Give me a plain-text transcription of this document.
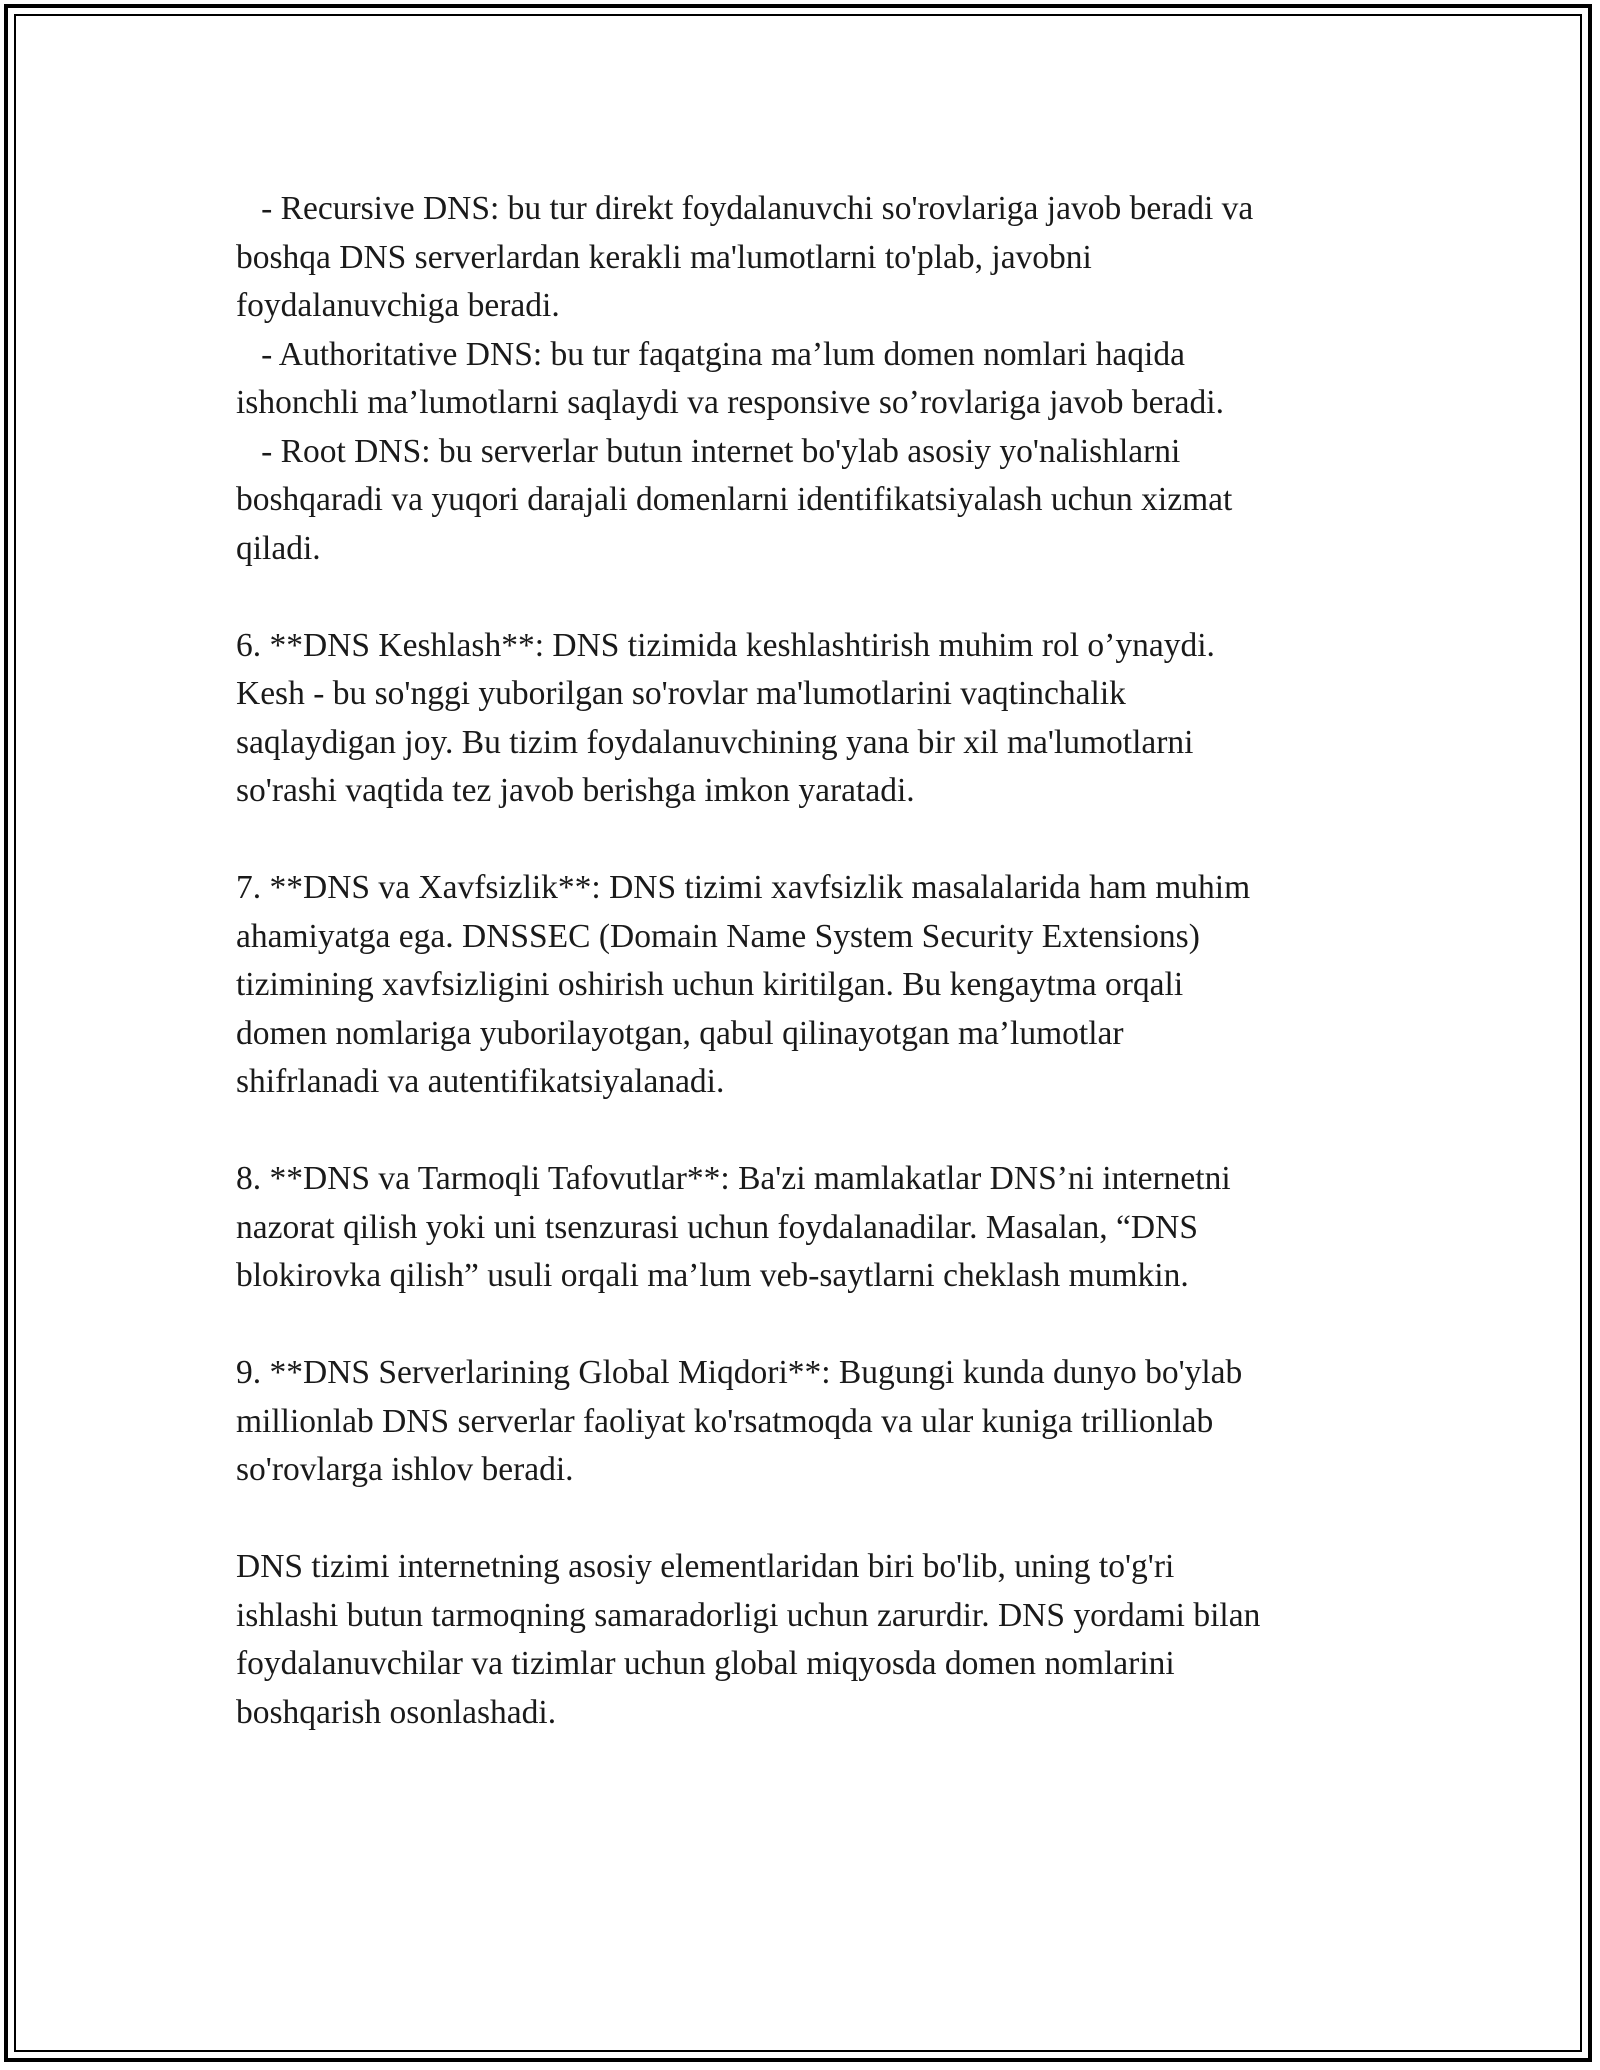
- Recursive DNS: bu tur direkt foydalanuvchi so'rovlariga javob beradi va
boshqa DNS serverlardan kerakli ma'lumotlarni to'plab, javobni
foydalanuvchiga beradi.

- Authoritative DNS: bu tur faqatgina ma’lum domen nomlari haqida
ishonchli ma’lumotlarni saqlaydi va responsive so’rovlariga javob beradi.

- Root DNS: bu serverlar butun internet bo'ylab asosiy yo'nalishlarni
boshqaradi va yuqori darajali domenlarni identifikatsiyalash uchun xizmat
qiladi.

6. **DNS Keshlash**: DNS tizimida keshlashtirish muhim rol o’ynaydi.
Kesh - bu so'nggi yuborilgan so'rovlar ma'lumotlarini vaqtinchalik
saqlaydigan joy. Bu tizim foydalanuvchining yana bir xil ma'lumotlarni
so'rashi vaqtida tez javob berishga imkon yaratadi.

7. **DNS va Xavfsizlik**: DNS tizimi xavfsizlik masalalarida ham muhim
ahamiyatga ega. DNSSEC (Domain Name System Security Extensions)
tizimining xavfsizligini oshirish uchun kiritilgan. Bu kengaytma orqali
domen nomlariga yuborilayotgan, qabul qilinayotgan ma’lumotlar
shifrlanadi va autentifikatsiyalanadi.

8. **DNS va Tarmoqli Tafovutlar**: Ba'zi mamlakatlar DNS’ni internetni
nazorat qilish yoki uni tsenzurasi uchun foydalanadilar. Masalan, “DNS
blokirovka qilish” usuli orqali ma’lum veb-saytlarni cheklash mumkin.

9. **DNS Serverlarining Global Miqdori**: Bugungi kunda dunyo bo'ylab
millionlab DNS serverlar faoliyat ko'rsatmoqda va ular kuniga trillionlab
so'rovlarga ishlov beradi.

DNS tizimi internetning asosiy elementlaridan biri bo'lib, uning to'g'ri
ishlashi butun tarmoqning samaradorligi uchun zarurdir. DNS yordami bilan
foydalanuvchilar va tizimlar uchun global miqyosda domen nomlarini
boshqarish osonlashadi.
